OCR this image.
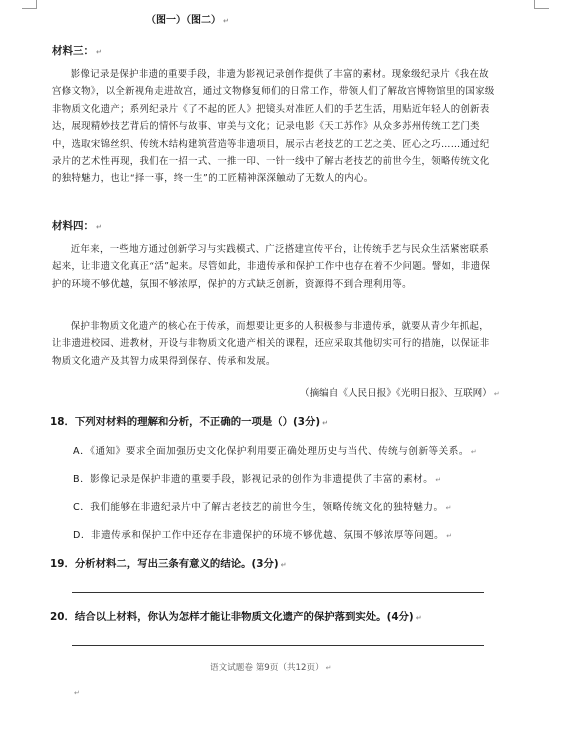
（图一）（图二） ↵
材料三： ↵

影像记录是保护非遗的重要手段，非遗为影视记录创作提供了丰富的素材。现象级纪录片《我在故宫修文物》，以全新视角走进故宫，通过文物修复师们的日常工作，带领人们了解故宫博物馆里的国家级非物质文化遗产；系列纪录片《了不起的匠人》把镜头对准匠人们的手艺生活，用贴近年轻人的创新表达，展现精妙技艺背后的情怀与故事、审美与文化；记录电影《天工苏作》从众多苏州传统工艺门类中，选取宋锦丝织、传统木结构建筑营造等非遗项目，展示古老技艺的工艺之美、匠心之巧……通过纪录片的艺术性再现，我们在一招一式、一推一印、一针一线中了解古老技艺的前世今生，领略传统文化的独特魅力，也让“择一事，终一生”的工匠精神深深触动了无数人的内心。

材料四： ↵

近年来，一些地方通过创新学习与实践模式、广泛搭建宣传平台，让传统手艺与民众生活紧密联系起来，让非遗文化真正“活”起来。尽管如此，非遗传承和保护工作中也存在着不少问题。譬如，非遗保护的环境不够优越，氛围不够浓厚，保护的方式缺乏创新，资源得不到合理利用等。

保护非物质文化遗产的核心在于传承，而想要让更多的人积极参与非遗传承，就要从青少年抓起，让非遗进校园、进教材，开设与非物质文化遗产相关的课程，还应采取其他切实可行的措施，以保证非物质文化遗产及其智力成果得到保存、传承和发展。

（摘编自《人民日报》《光明日报》、互联网） ↵
18．下列对材料的理解和分析，不正确的一项是（）(3分) ↵
A．《通知》要求全面加强历史文化保护利用要正确处理历史与当代、传统与创新等关系。 ↵
B．影像记录是保护非遗的重要手段，影视记录的创作为非遗提供了丰富的素材。 ↵
C．我们能够在非遗纪录片中了解古老技艺的前世今生，领略传统文化的独特魅力。 ↵
D．非遗传承和保护工作中还存在非遗保护的环境不够优越、氛围不够浓厚等问题。 ↵
19．分析材料二，写出三条有意义的结论。(3分) ↵
20．结合以上材料，你认为怎样才能让非物质文化遗产的保护落到实处。(4分) ↵
语文试题卷 第9页（共12页） ↵
↵
